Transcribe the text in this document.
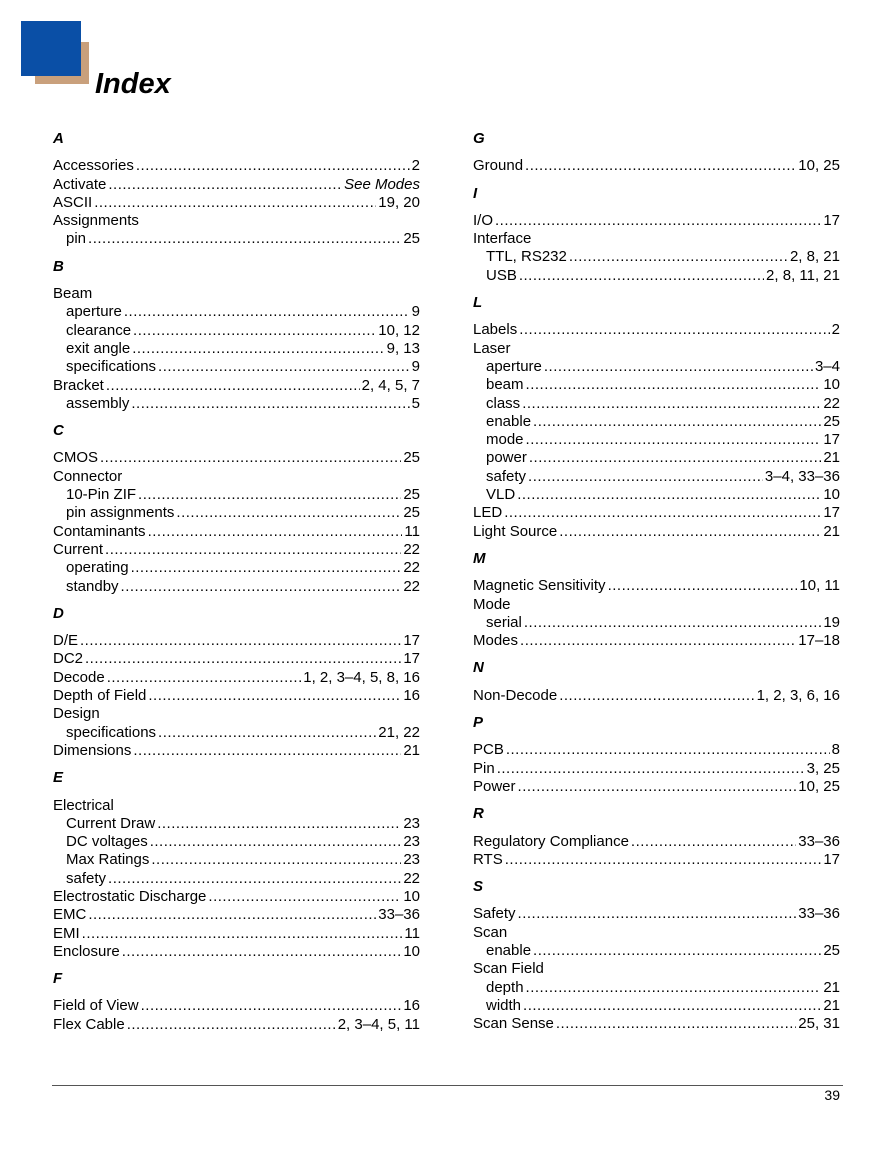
Index
A
Accessories .....	2
Activate .....	See Modes
ASCII .....	19, 20
Assignments
pin .....	25
B
Beam
aperture .....	9
clearance .....	10, 12
exit angle .....	9, 13
specifications .....	9
Bracket .....	2, 4, 5, 7
assembly .....	5
C
CMOS .....	25
Connector
10-Pin ZIF .....	25
pin assignments .....	25
Contaminants .....	11
Current .....	22
operating .....	22
standby .....	22
D
D/E .....	17
DC2 .....	17
Decode .....	1, 2, 3–4, 5, 8, 16
Depth of Field .....	16
Design
specifications .....	21, 22
Dimensions .....	21
E
Electrical
Current Draw .....	23
DC voltages .....	23
Max Ratings .....	23
safety .....	22
Electrostatic Discharge .....	10
EMC .....	33–36
EMI .....	11
Enclosure .....	10
F
Field of View .....	16
Flex Cable .....	2, 3–4, 5, 11
G
Ground .....	10, 25
I
I/O .....	17
Interface
TTL, RS232 .....	2, 8, 21
USB .....	2, 8, 11, 21
L
Labels .....	2
Laser
aperture .....	3–4
beam .....	10
class .....	22
enable .....	25
mode .....	17
power .....	21
safety .....	3–4, 33–36
VLD .....	10
LED .....	17
Light Source .....	21
M
Magnetic Sensitivity .....	10, 11
Mode
serial .....	19
Modes .....	17–18
N
Non-Decode .....	1, 2, 3, 6, 16
P
PCB .....	8
Pin .....	3, 25
Power .....	10, 25
R
Regulatory Compliance .....	33–36
RTS .....	17
S
Safety .....	33–36
Scan
enable .....	25
Scan Field
depth .....	21
width .....	21
Scan Sense .....	25, 31
39
